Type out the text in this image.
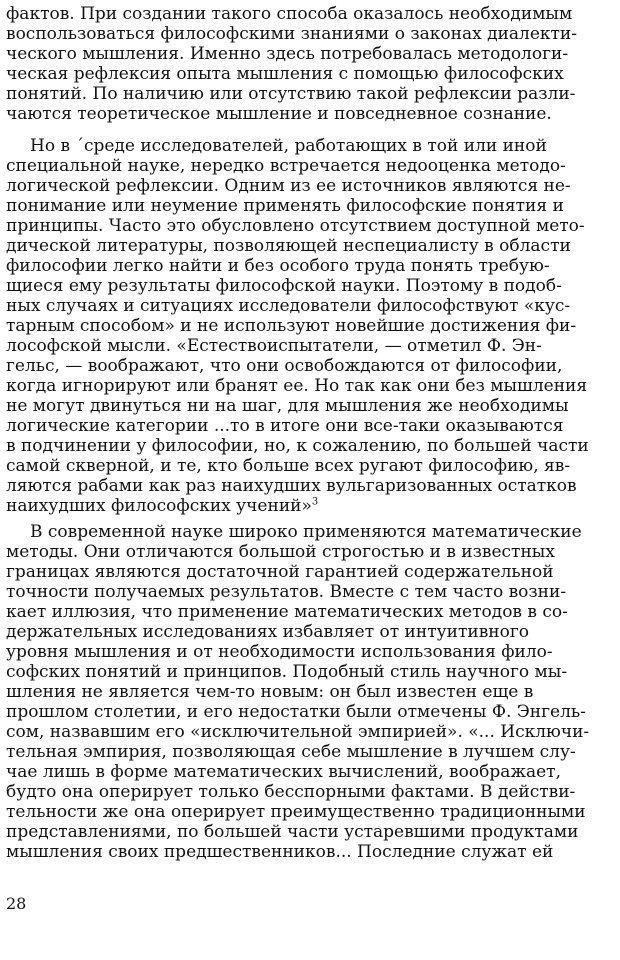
фактов. При создании такого способа оказалось необходимым
воспользоваться философскими знаниями о законах диалекти-
ческого мышления. Именно здесь потребовалась методологи-
ческая рефлексия опыта мышления с помощью философских
понятий. По наличию или отсутствию такой рефлексии разли-
чаются теоретическое мышление и повседневное сознание.
Но в ˊсреде исследователей, работающих в той или иной
специальной науке, нередко встречается недооценка методо-
логической рефлексии. Одним из ее источников являются не-
понимание или неумение применять философские понятия и
принципы. Часто это обусловлено отсутствием доступной мето-
дической литературы, позволяющей неспециалисту в области
философии легко найти и без особого труда понять требую-
щиеся ему результаты философской науки. Поэтому в подоб-
ных случаях и ситуациях исследователи философствуют «кус-
тарным способом» и не используют новейшие достижения фи-
лософской мысли. «Естествоиспытатели, — отметил Ф. Эн-
гельс, — воображают, что они освобождаются от философии,
когда игнорируют или бранят ее. Но так как они без мышления
не могут двинуться ни на шаг, для мышления же необходимы
логические категории ...то в итоге они все-таки оказываются
в подчинении у философии, но, к сожалению, по большей части
самой скверной, и те, кто больше всех ругают философию, яв-
ляются рабами как раз наихудших вульгаризованных остатков
наихудших философских учений»$^3$
В современной науке широко применяются математические
методы. Они отличаются большой строгостью и в известных
границах являются достаточной гарантией содержательной
точности получаемых результатов. Вместе с тем часто возни-
кает иллюзия, что применение математических методов в со-
держательных исследованиях избавляет от интуитивного
уровня мышления и от необходимости использования фило-
софских понятий и принципов. Подобный стиль научного мы-
шления не является чем-то новым: он был известен еще в
прошлом столетии, и его недостатки были отмечены Ф. Энгель-
сом, назвавшим его «исключительной эмпирией». «... Исключи-
тельная эмпирия, позволяющая себе мышление в лучшем слу-
чае лишь в форме математических вычислений, воображает,
будто она оперирует только бесспорными фактами. В действи-
тельности же она оперирует преимущественно традиционными
представлениями, по большей части устаревшими продуктами
мышления своих предшественников... Последние служат ей
28
